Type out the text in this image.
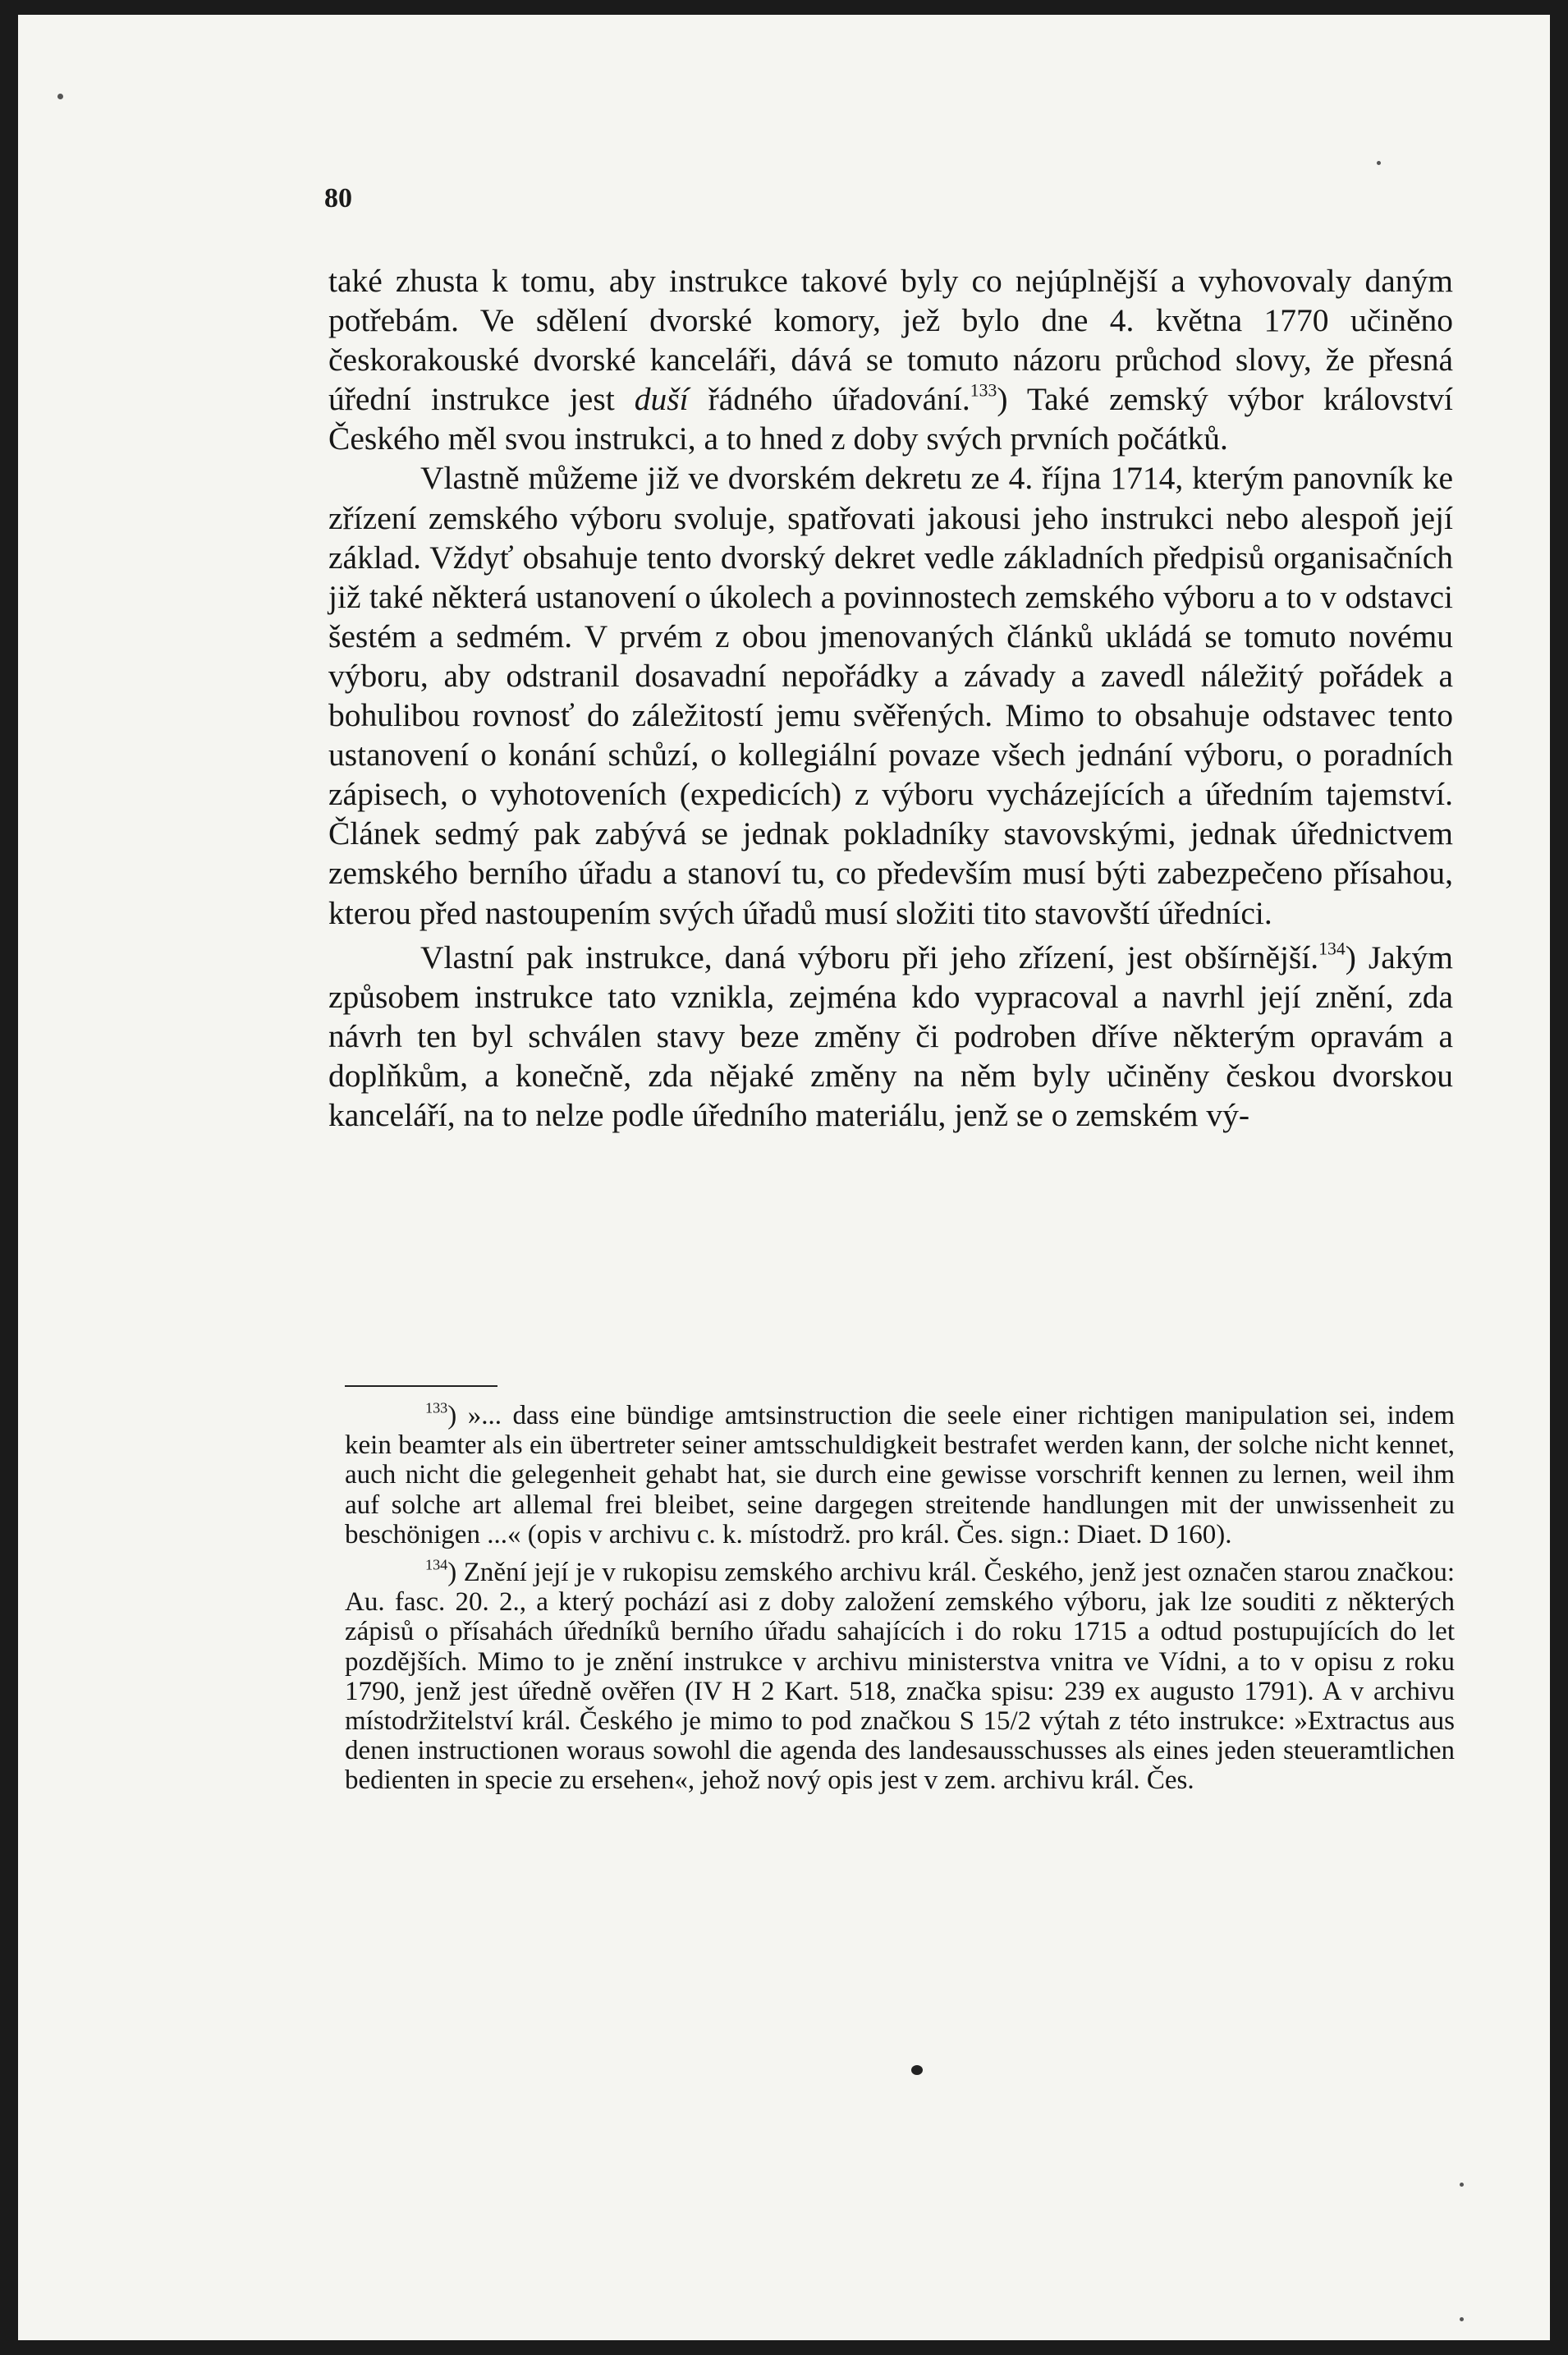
80

také zhusta k tomu, aby instrukce takové byly co nejúplnější a vyhovovaly daným potřebám. Ve sdělení dvorské komory, jež bylo dne 4. května 1770 učiněno českorakouské dvorské kanceláři, dává se tomuto názoru průchod slovy, že přesná úřední instrukce jest duší řádného úřadování.$^{133}$) Také zemský výbor království Českého měl svou instrukci, a to hned z doby svých prvních počátků.

Vlastně můžeme již ve dvorském dekretu ze 4. října 1714, kterým panovník ke zřízení zemského výboru svoluje, spatřovati jakousi jeho instrukci nebo alespoň její základ. Vždyť obsahuje tento dvorský dekret vedle základních předpisů organisačních již také některá ustanovení o úkolech a povinnostech zemského výboru a to v odstavci šestém a sedmém. V prvém z obou jmenovaných článků ukládá se tomuto novému výboru, aby odstranil dosavadní nepořádky a závady a zavedl náležitý pořádek a bohulibou rovnosť do záležitostí jemu svěřených. Mimo to obsahuje odstavec tento ustanovení o konání schůzí, o kollegiální povaze všech jednání výboru, o poradních zápisech, o vyhotoveních (expedicích) z výboru vycházejících a úředním tajemství. Článek sedmý pak zabývá se jednak pokladníky stavovskými, jednak úřednictvem zemského berního úřadu a stanoví tu, co především musí býti zabezpečeno přísahou, kterou před nastoupením svých úřadů musí složiti tito stavovští úředníci.

Vlastní pak instrukce, daná výboru při jeho zřízení, jest obšírnější.$^{134}$) Jakým způsobem instrukce tato vznikla, zejména kdo vypracoval a navrhl její znění, zda návrh ten byl schválen stavy beze změny či podroben dříve některým opravám a doplňkům, a konečně, zda nějaké změny na něm byly učiněny českou dvorskou kanceláří, na to nelze podle úředního materiálu, jenž se o zemském vý-

$^{133}$) »... dass eine bündige amtsinstruction die seele einer richtigen manipulation sei, indem kein beamter als ein übertreter seiner amtsschuldigkeit bestrafet werden kann, der solche nicht kennet, auch nicht die gelegenheit gehabt hat, sie durch eine gewisse vorschrift kennen zu lernen, weil ihm auf solche art allemal frei bleibet, seine dargegen streitende handlungen mit der unwissenheit zu beschönigen ...« (opis v archivu c. k. místodrž. pro král. Čes. sign.: Diaet. D 160).

$^{134}$) Znění její je v rukopisu zemského archivu král. Českého, jenž jest označen starou značkou: Au. fasc. 20. 2., a který pochází asi z doby založení zemského výboru, jak lze souditi z některých zápisů o přísahách úředníků berního úřadu sahajících i do roku 1715 a odtud postupujících do let pozdějších. Mimo to je znění instrukce v archivu ministerstva vnitra ve Vídni, a to v opisu z roku 1790, jenž jest úředně ověřen (IV H 2 Kart. 518, značka spisu: 239 ex augusto 1791). A v archivu místodržitelství král. Českého je mimo to pod značkou S 15/2 výtah z této instrukce: »Extractus aus denen instructionen woraus sowohl die agenda des landesausschusses als eines jeden steueramtlichen bedienten in specie zu ersehen«, jehož nový opis jest v zem. archivu král. Čes.
